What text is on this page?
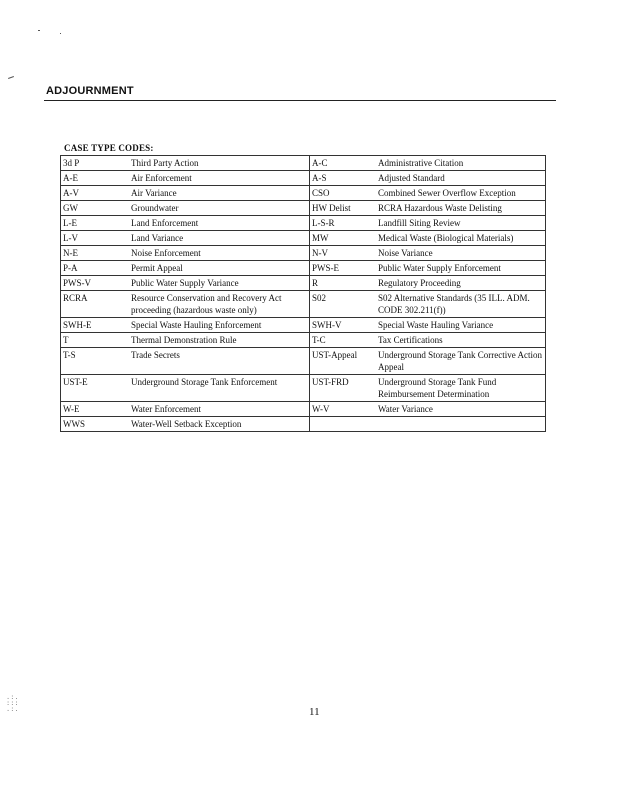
ADJOURNMENT
CASE TYPE CODES:
3d P	Third Party Action	A-C	Administrative Citation
A-E	Air Enforcement	A-S	Adjusted Standard
A-V	Air Variance	CSO	Combined Sewer Overflow Exception
GW	Groundwater	HW Delist	RCRA Hazardous Waste Delisting
L-E	Land Enforcement	L-S-R	Landfill Siting Review
L-V	Land Variance	MW	Medical Waste (Biological Materials)
N-E	Noise Enforcement	N-V	Noise Variance
P-A	Permit Appeal	PWS-E	Public Water Supply Enforcement
PWS-V	Public Water Supply Variance	R	Regulatory Proceeding
RCRA	Resource Conservation and Recovery Act proceeding (hazardous waste only)	S02	S02 Alternative Standards (35 ILL. ADM. CODE 302.211(f))
SWH-E	Special Waste Hauling Enforcement	SWH-V	Special Waste Hauling Variance
T	Thermal Demonstration Rule	T-C	Tax Certifications
T-S	Trade Secrets	UST-Appeal	Underground Storage Tank Corrective Action Appeal
UST-E	Underground Storage Tank Enforcement	UST-FRD	Underground Storage Tank Fund Reimbursement Determination
W-E	Water Enforcement	W-V	Water Variance
WWS	Water-Well Setback Exception		
11
.:.
:::
.:.
